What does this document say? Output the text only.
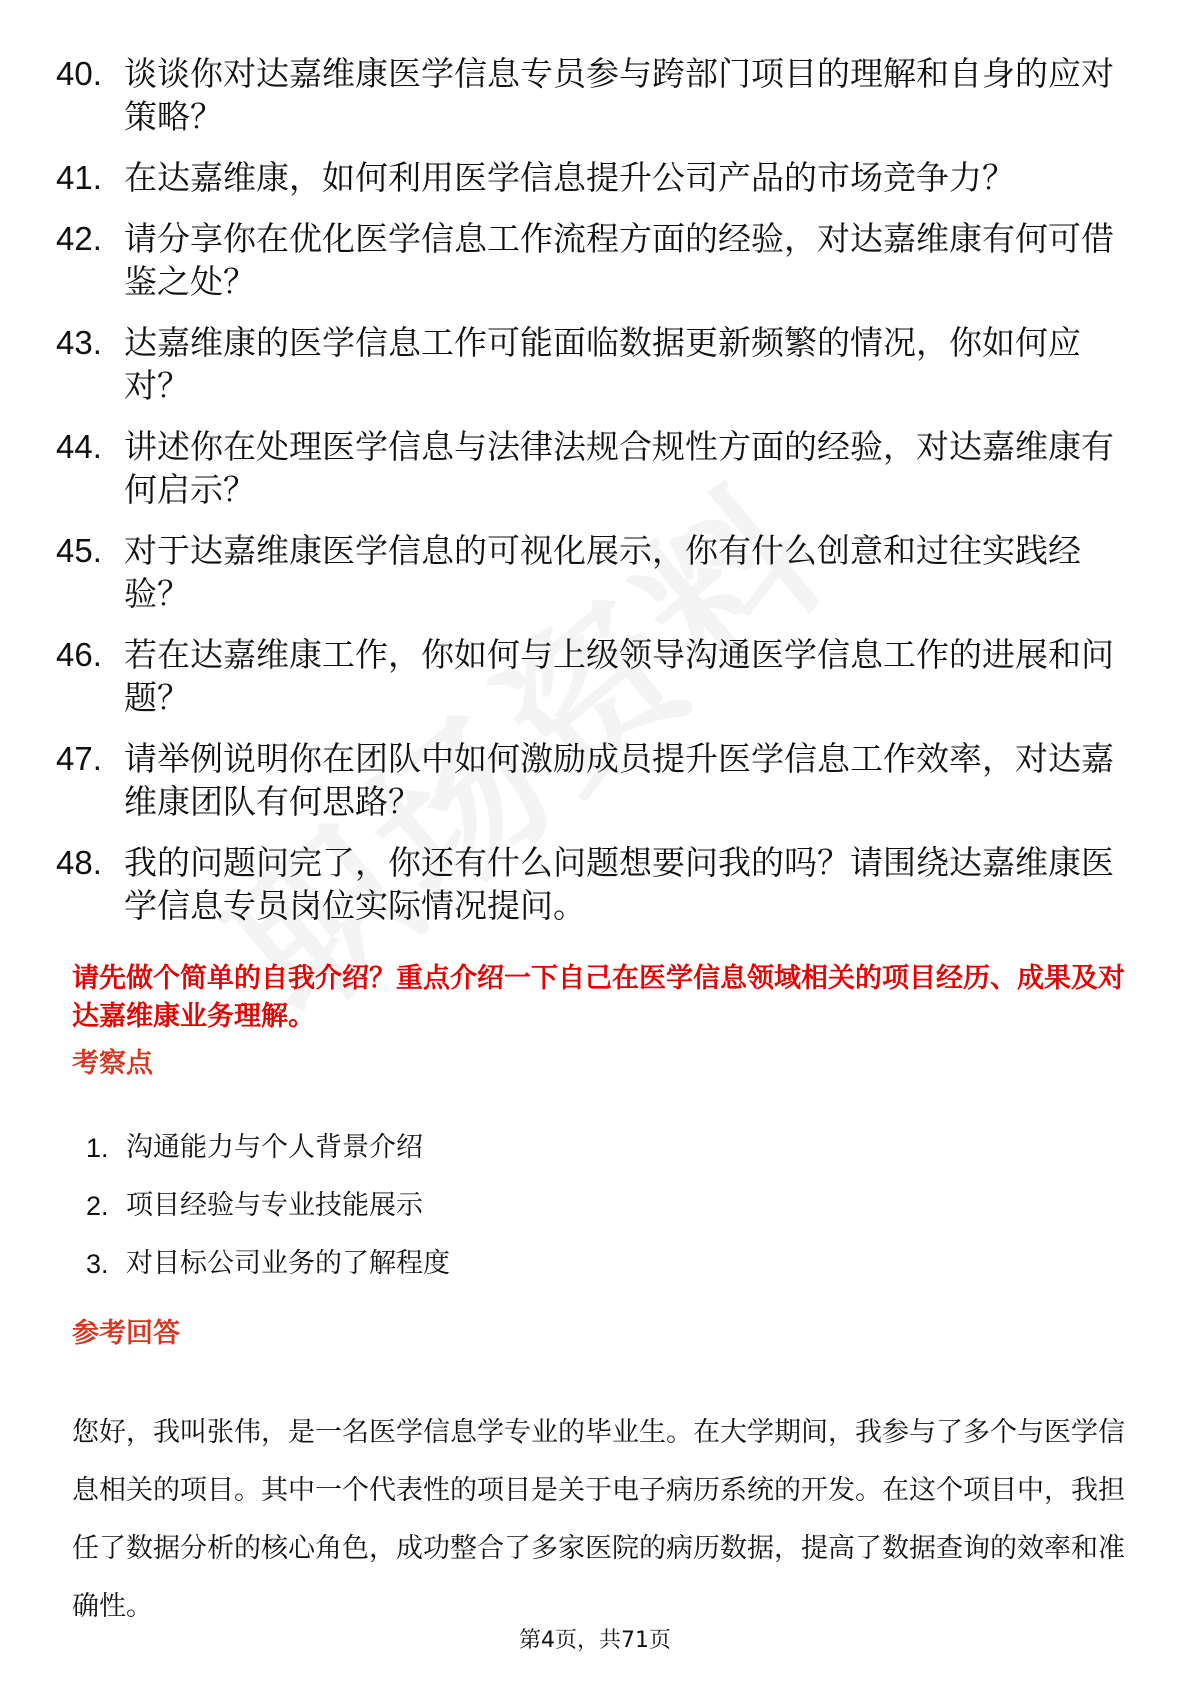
40. 谈谈你对达嘉维康医学信息专员参与跨部门项目的理解和自身的应对策略？
41. 在达嘉维康，如何利用医学信息提升公司产品的市场竞争力？
42. 请分享你在优化医学信息工作流程方面的经验，对达嘉维康有何可借鉴之处？
43. 达嘉维康的医学信息工作可能面临数据更新频繁的情况，你如何应对？
44. 讲述你在处理医学信息与法律法规合规性方面的经验，对达嘉维康有何启示？
45. 对于达嘉维康医学信息的可视化展示，你有什么创意和过往实践经验？
46. 若在达嘉维康工作，你如何与上级领导沟通医学信息工作的进展和问题？
47. 请举例说明你在团队中如何激励成员提升医学信息工作效率，对达嘉维康团队有何思路？
48. 我的问题问完了，你还有什么问题想要问我的吗？请围绕达嘉维康医学信息专员岗位实际情况提问。

请先做个简单的自我介绍？重点介绍一下自己在医学信息领域相关的项目经历、成果及对达嘉维康业务理解。

考察点
1. 沟通能力与个人背景介绍
2. 项目经验与专业技能展示
3. 对目标公司业务的了解程度
参考回答

您好，我叫张伟，是一名医学信息学专业的毕业生。在大学期间，我参与了多个与医学信息相关的项目。其中一个代表性的项目是关于电子病历系统的开发。在这个项目中，我担任了数据分析的核心角色，成功整合了多家医院的病历数据，提高了数据查询的效率和准确性。

第4页，共71页
